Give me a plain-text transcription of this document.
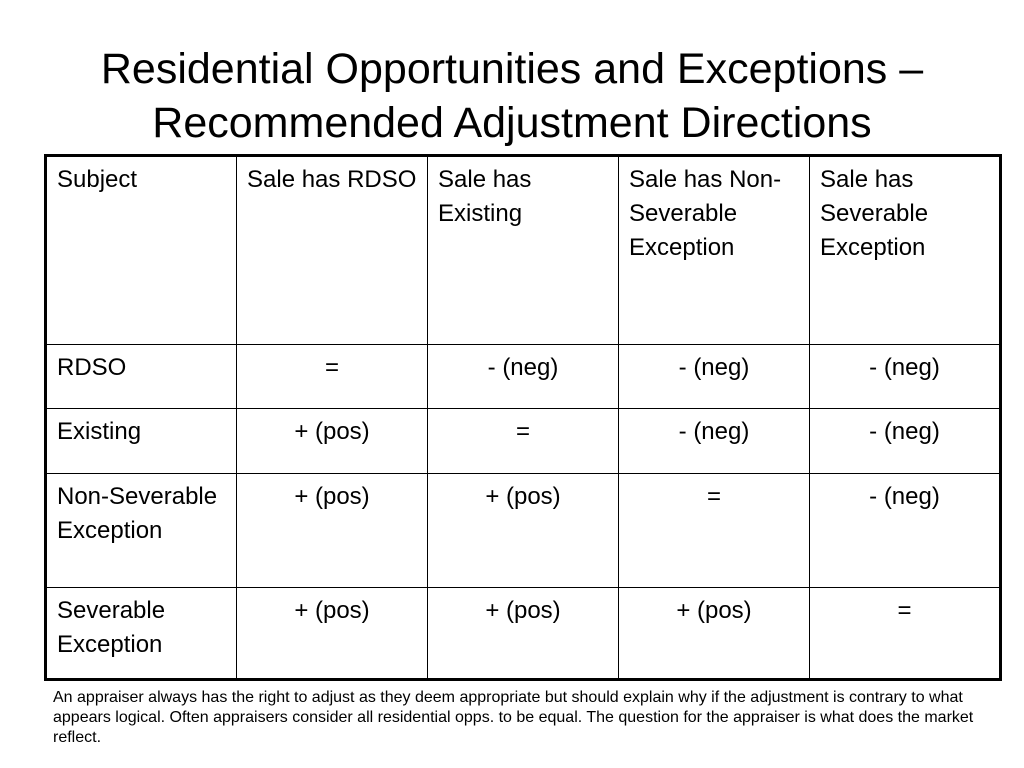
Residential Opportunities and Exceptions –
Recommended Adjustment Directions
Subject	Sale has RDSO	Sale has Existing	Sale has Non-Severable Exception	Sale has Severable Exception
RDSO	=	- (neg)	- (neg)	- (neg)
Existing	+ (pos)	=	- (neg)	- (neg)
Non-Severable Exception	+ (pos)	+ (pos)	=	- (neg)
Severable Exception	+ (pos)	+ (pos)	+ (pos)	=

An appraiser always has the right to adjust as they deem appropriate but should explain why if the adjustment is contrary to what appears logical. Often appraisers consider all residential opps. to be equal. The question for the appraiser is what does the market reflect.
